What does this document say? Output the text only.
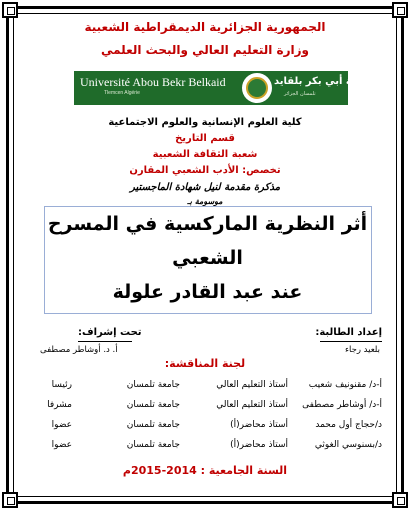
الجمهورية الجزائرية الديمقراطية الشعبية
وزارة التعليم العالي والبحث العلمي
Université Abou Bekr Belkaid
Tlemcen Algérie
جامعة أبي بكر بلقايد
تلمسان الجزائر
كلية العلوم الإنسانية والعلوم الاجتماعية
قسم التاريخ
شعبة الثقافة الشعبية
تخصص: الأدب الشعبي المقارن
مذكرة مقدمة لنيل شهادة الماجستير
موسومة بـ
أثر النظرية الماركسية في المسرح
الشعبي
عند عبد القادر علولة
إعداد الطالبة:
بلعيد رجاء
تحت إشراف:
أ. د. أوشاطر مصطفى
لجنة المناقشة:
أ-د/ مقنونيف شعيب
أستاذ التعليم العالي
جامعة تلمسان
رئيسا
أ-د/ أوشاطر مصطفى
أستاذ التعليم العالي
جامعة تلمسان
مشرفا
د/حجاج أول محمد
أستاذ محاضر(أ)
جامعة تلمسان
عضوا
د/بسنوسي الغوثي
أستاذ محاضر(أ)
جامعة تلمسان
عضوا
السنة الجامعية : 2014-2015م
